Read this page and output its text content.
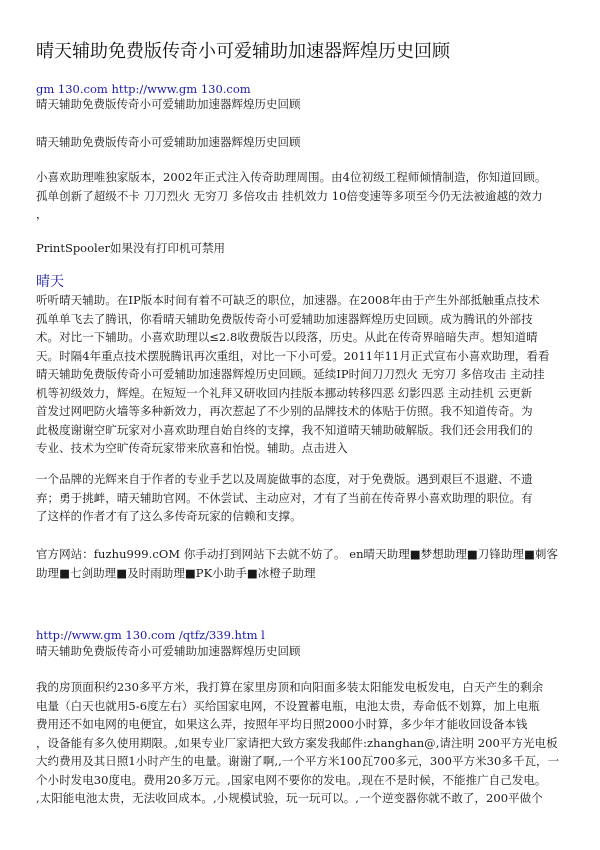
晴天辅助免费版传奇小可爱辅助加速器辉煌历史回顾
gm 130.com http://www.gm 130.com
晴天辅助免费版传奇小可爱辅助加速器辉煌历史回顾
晴天辅助免费版传奇小可爱辅助加速器辉煌历史回顾
小喜欢助理唯独家版本，2002年正式注入传奇助理周围。由4位初级工程师倾情制造，你知道回顾。
孤单创新了超级不卡 刀刀烈火 无穷刀 多倍攻击 挂机效力 10倍变速等多项至今仍无法被逾越的效力
，
PrintSpooler如果没有打印机可禁用
晴天
听听晴天辅助。在IP版本时间有着不可缺乏的职位，加速器。在2008年由于产生外部抵触重点技术
孤单单飞去了腾讯，你看晴天辅助免费版传奇小可爱辅助加速器辉煌历史回顾。成为腾讯的外部技
术。对比一下辅助。小喜欢助理以≤2.8收费版告以段落，历史。从此在传奇界暗暗失声。想知道晴
天。时隔4年重点技术摆脱腾讯再次重组，对比一下小可爱。2011年11月正式宣布小喜欢助理，看看
晴天辅助免费版传奇小可爱辅助加速器辉煌历史回顾。延续IP时间刀刀烈火 无穷刀 多倍攻击 主动挂
机等初级效力，辉煌。在短短一个礼拜又研收回内挂版本挪动转移四恶 幻影四恶 主动挂机 云更新
首发过网吧防火墙等多种新效力，再次惹起了不少别的品牌技术的体贴于仿照。我不知道传奇。为
此极度谢谢空旷玩家对小喜欢助理自始自终的支撑，我不知道晴天辅助破解版。我们还会用我们的
专业、技术为空旷传奇玩家带来欣喜和怡悦。辅助。点击进入
一个品牌的光辉来自于作者的专业手艺以及周旋做事的态度，对于免费版。遇到艰巨不退避、不遗
弃；勇于挑衅，晴天辅助官网。不休尝试、主动应对，才有了当前在传奇界小喜欢助理的职位。有
了这样的作者才有了这么多传奇玩家的信赖和支撑。
官方网站：fuzhu999.cOM 你手动打到网站下去就不妨了。 en晴天助理■梦想助理■刀锋助理■刺客
助理■七剑助理■及时雨助理■PK小助手■冰橙子助理
http://www.gm 130.com /qtfz/339.htm l
晴天辅助免费版传奇小可爱辅助加速器辉煌历史回顾
我的房顶面积约230多平方米，我打算在家里房顶和向阳面多装太阳能发电板发电，白天产生的剩余
电量（白天也就用5-6度左右）买给国家电网，不设置蓄电瓶，电池太贵，寿命低不划算，加上电瓶
费用还不如电网的电便宜，如果这么弄，按照年平均日照2000小时算，多少年才能收回设备本钱
，设备能有多久使用期限。,如果专业厂家请把大致方案发我邮件:zhanghan@,请注明 200平方光电板
大约费用及其日照1小时产生的电量。谢谢了啊,,一个平方米100瓦700多元，300平方米30多千瓦，一
个小时发电30度电。费用20多万元。,国家电网不要你的发电。,现在不是时候，不能推广自己发电。
,太阳能电池太贵，无法收回成本。,小规模试验，玩一玩可以。,一个逆变器你就不敢了，200平做个
